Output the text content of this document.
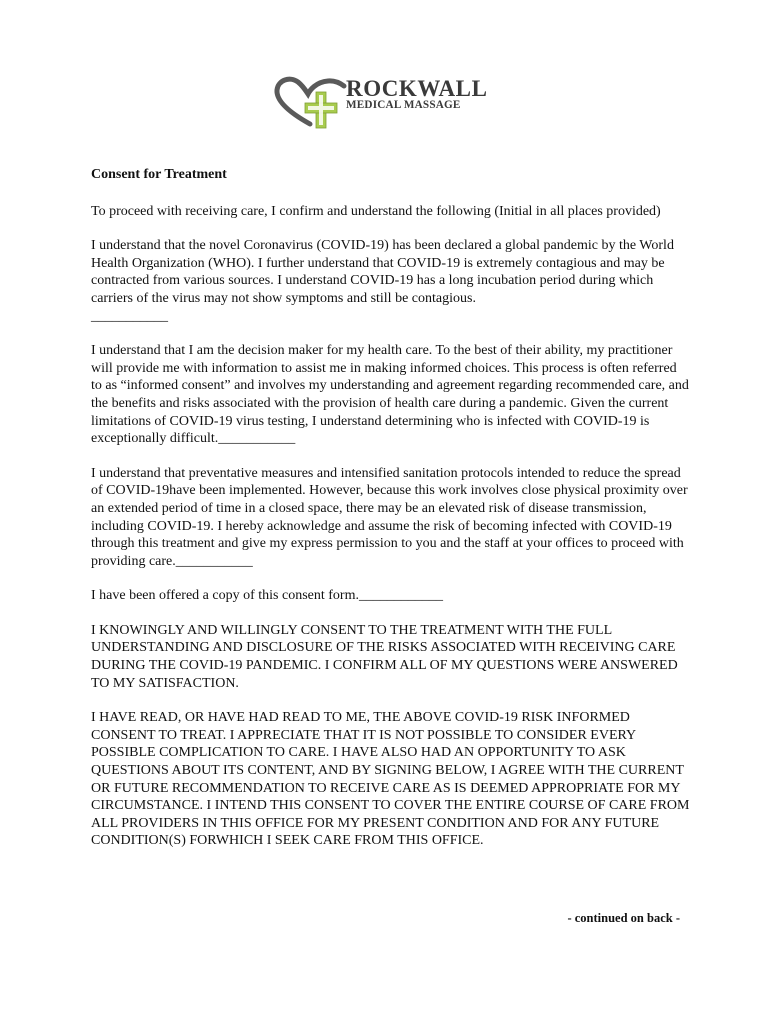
ROCKWALL
MEDICAL MASSAGE
Consent for Treatment
To proceed with receiving care, I confirm and understand the following (Initial in all places provided)
I understand that the novel Coronavirus (COVID-19) has been declared a global pandemic by the World Health Organization (WHO). I further understand that COVID-19 is extremely contagious and may be contracted from various sources. I understand COVID-19 has a long incubation period during which carriers of the virus may not show symptoms and still be contagious.
___________
I understand that I am the decision maker for my health care. To the best of their ability, my practitioner will provide me with information to assist me in making informed choices. This process is often referred to as “informed consent” and involves my understanding and agreement regarding recommended care, and the benefits and risks associated with the provision of health care during a pandemic. Given the current limitations of COVID-19 virus testing, I understand determining who is infected with COVID-19 is exceptionally difficult.___________
I understand that preventative measures and intensified sanitation protocols intended to reduce the spread of COVID-19have been implemented. However, because this work involves close physical proximity over an extended period of time in a closed space, there may be an elevated risk of disease transmission, including COVID-19. I hereby acknowledge and assume the risk of becoming infected with COVID-19 through this treatment and give my express permission to you and the staff at your offices to proceed with providing care.___________
I have been offered a copy of this consent form.____________
I KNOWINGLY AND WILLINGLY CONSENT TO THE TREATMENT WITH THE FULL UNDERSTANDING AND DISCLOSURE OF THE RISKS ASSOCIATED WITH RECEIVING CARE DURING THE COVID-19 PANDEMIC. I CONFIRM ALL OF MY QUESTIONS WERE ANSWERED TO MY SATISFACTION.
I HAVE READ, OR HAVE HAD READ TO ME, THE ABOVE COVID-19 RISK INFORMED CONSENT TO TREAT. I APPRECIATE THAT IT IS NOT POSSIBLE TO CONSIDER EVERY POSSIBLE COMPLICATION TO CARE. I HAVE ALSO HAD AN OPPORTUNITY TO ASK QUESTIONS ABOUT ITS CONTENT, AND BY SIGNING BELOW, I AGREE WITH THE CURRENT OR FUTURE RECOMMENDATION TO RECEIVE CARE AS IS DEEMED APPROPRIATE FOR MY CIRCUMSTANCE. I INTEND THIS CONSENT TO COVER THE ENTIRE COURSE OF CARE FROM ALL PROVIDERS IN THIS OFFICE FOR MY PRESENT CONDITION AND FOR ANY FUTURE CONDITION(S) FORWHICH I SEEK CARE FROM THIS OFFICE.
- continued on back -
